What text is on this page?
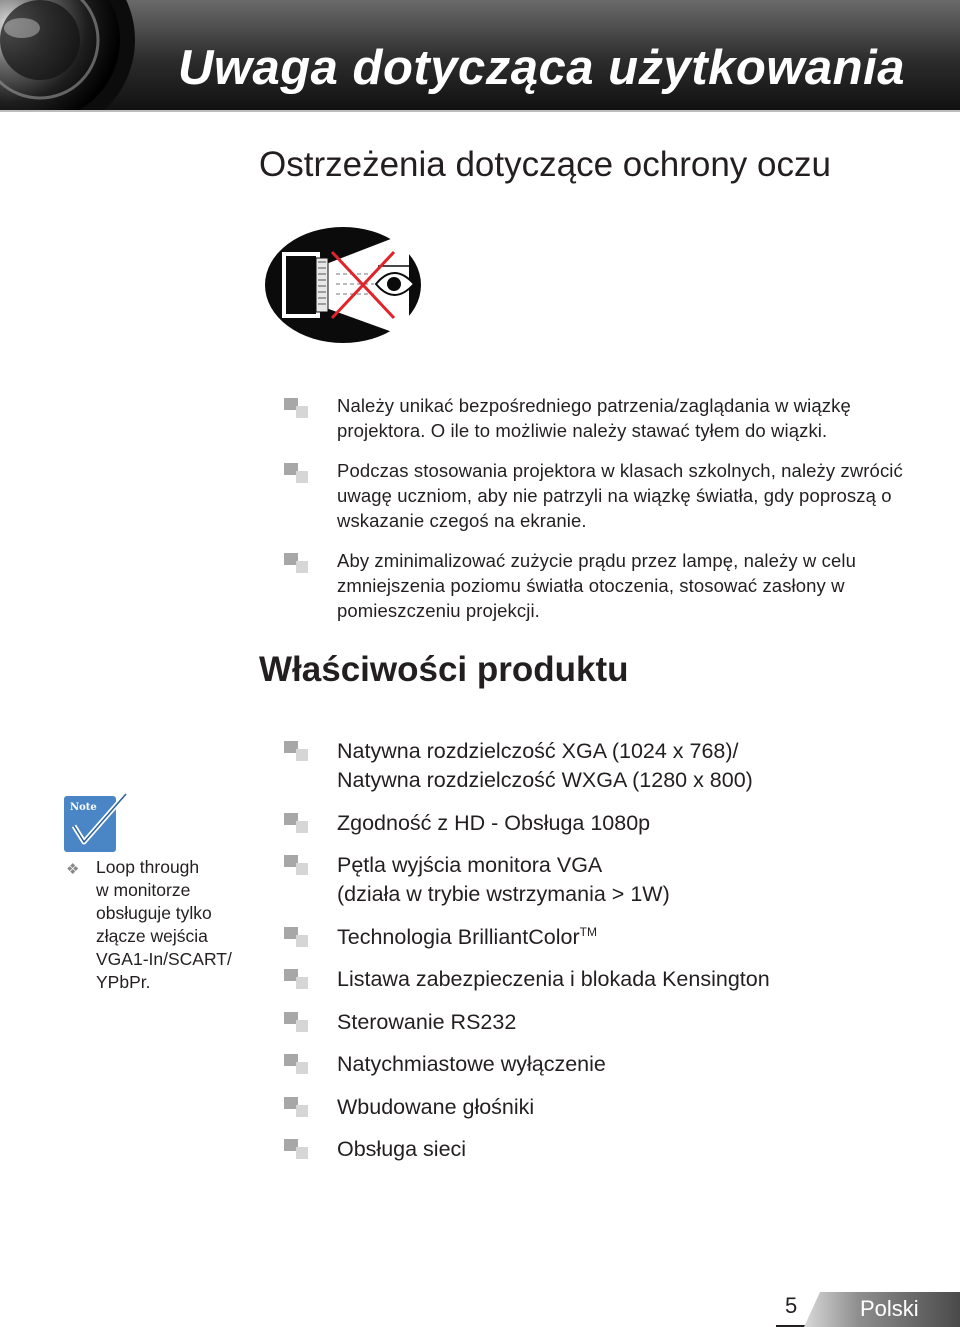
Uwaga dotycząca użytkowania
Ostrzeżenia dotyczące ochrony oczu
Należy unikać bezpośredniego patrzenia/zaglądania w wiązkę projektora. O ile to możliwie należy stawać tyłem do wiązki.
Podczas stosowania projektora w klasach szkolnych, należy zwrócić uwagę uczniom, aby nie patrzyli na wiązkę światła, gdy poproszą o wskazanie czegoś na ekranie.
Aby zminimalizować zużycie prądu przez lampę, należy w celu zmniejszenia poziomu światła otoczenia, stosować zasłony w pomieszczeniu projekcji.
Właściwości produktu
Natywna rozdzielczość XGA (1024 x 768)/
Natywna rozdzielczość WXGA (1280 x 800)
Zgodność z HD - Obsługa 1080p
Pętla wyjścia monitora VGA
(działa w trybie wstrzymania > 1W)
Technologia BrilliantColor™
Listawa zabezpieczenia i blokada Kensington
Sterowanie RS232
Natychmiastowe wyłączenie
Wbudowane głośniki
Obsługa sieci
Note
❖ Loop through
w monitorze
obsługuje tylko
złącze wejścia
VGA1-In/SCART/
YPbPr.
5	Polski
